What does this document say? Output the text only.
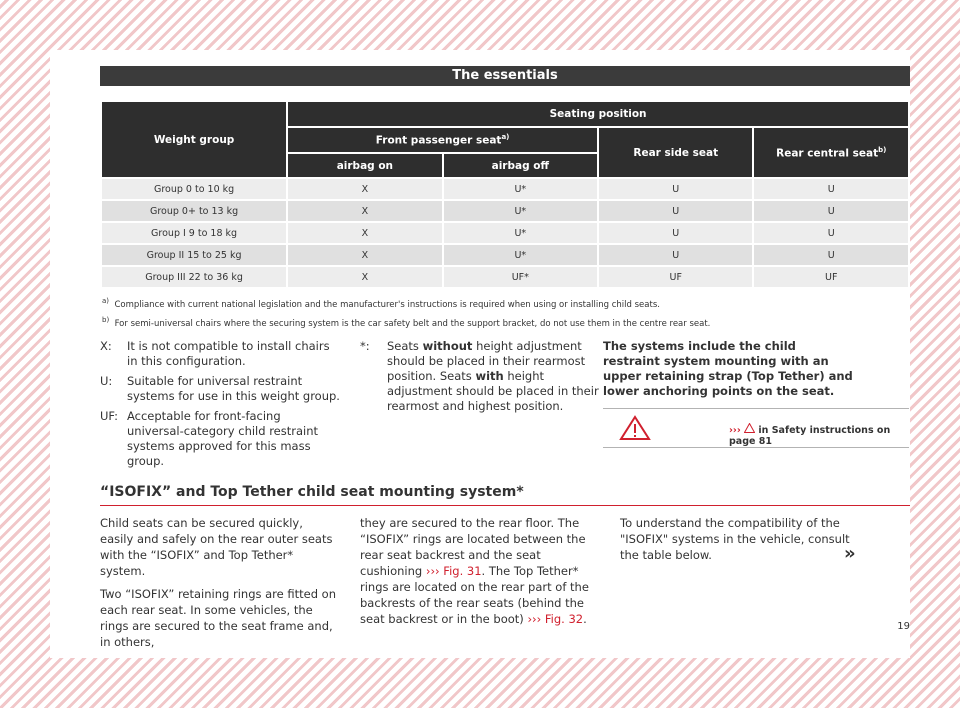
The essentials
Weight group	Seating position			
	Front passenger seat$^{a)}$		Rear side seat	Rear central seat$^{b)}$
	airbag on	airbag off		
Group 0 to 10 kg	X	U*	U	U
Group 0+ to 13 kg	X	U*	U	U
Group I 9 to 18 kg	X	U*	U	U
Group II 15 to 25 kg	X	U*	U	U
Group III 22 to 36 kg	X	UF*	UF	UF
$^{a)}$ Compliance with current national legislation and the manufacturer's instructions is required when using or installing child seats.
$^{b)}$ For semi-universal chairs where the securing system is the car safety belt and the support bracket, do not use them in the centre rear seat.
X:	It is not compatible to install chairs in this configuration.
U:	Suitable for universal restraint systems for use in this weight group.
UF: Acceptable for front-facing universal-category child restraint systems approved for this mass group.
*:	Seats without height adjustment should be placed in their rearmost position. Seats with height adjustment should be placed in their rearmost and highest position.
The systems include the child restraint system mounting with an upper retaining strap (Top Tether) and lower anchoring points on the seat.
›››  in Safety instructions on page 81
“ISOFIX” and Top Tether child seat mounting system*

Child seats can be secured quickly, easily and safely on the rear outer seats with the “ISOFIX” and Top Tether* system.

Two “ISOFIX” retaining rings are fitted on each rear seat. In some vehicles, the rings are secured to the seat frame and, in others,

they are secured to the rear floor. The “ISOFIX” rings are located between the rear seat backrest and the seat cushioning ››› Fig. 31. The Top Tether* rings are located on the rear part of the backrests of the rear seats (behind the seat backrest or in the boot) ››› Fig. 32.

To understand the compatibility of the "ISOFIX" systems in the vehicle, consult the table below.	»
19
